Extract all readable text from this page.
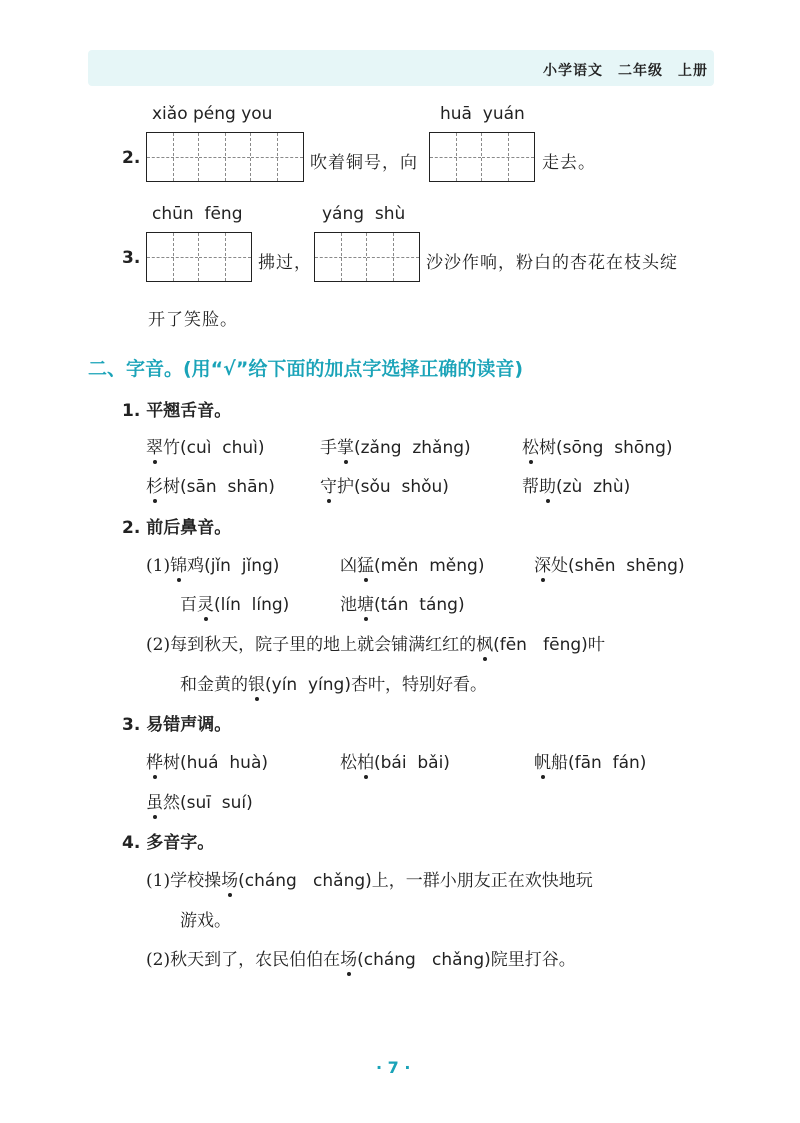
小学语文　二年级　上册
xiǎo péng you	huā  yuán
2.	吹着铜号，向	走去。
chūn  fēng	yáng  shù
3.	拂过，	沙沙作响，粉白的杏花在枝头绽
开了笑脸。
二、字音。(用“√”给下面的加点字选择正确的读音)
1. 平翘舌音。
翠竹 (cuì  chuì)	手掌 (zǎng  zhǎng)	松树 (sōng  shōng)
杉树 (sān  shān)	守护 (sǒu  shǒu)	帮助 (zù  zhù)
2. 前后鼻音。
(1) 锦鸡 (jǐn  jǐng)	凶猛 (měn  měng)	深处 (shēn  shēng)
百灵 (lín  líng)	池塘 (tán  táng)
(2) 每到秋天，院子里的地上就会铺满红红的 枫 (fēn   fēng) 叶
和金黄的 银 (yín  yíng) 杏叶，特别好看。
3. 易错声调。
桦树 (huá  huà)	松柏 (bái  bǎi)	帆船 (fān  fán)
虽然 (suī  suí)
4. 多音字。
(1) 学校操 场 (cháng   chǎng) 上，一群小朋友正在欢快地玩
游戏。
(2) 秋天到了，农民伯伯在 场 (cháng   chǎng) 院里打谷。
· 7 ·
